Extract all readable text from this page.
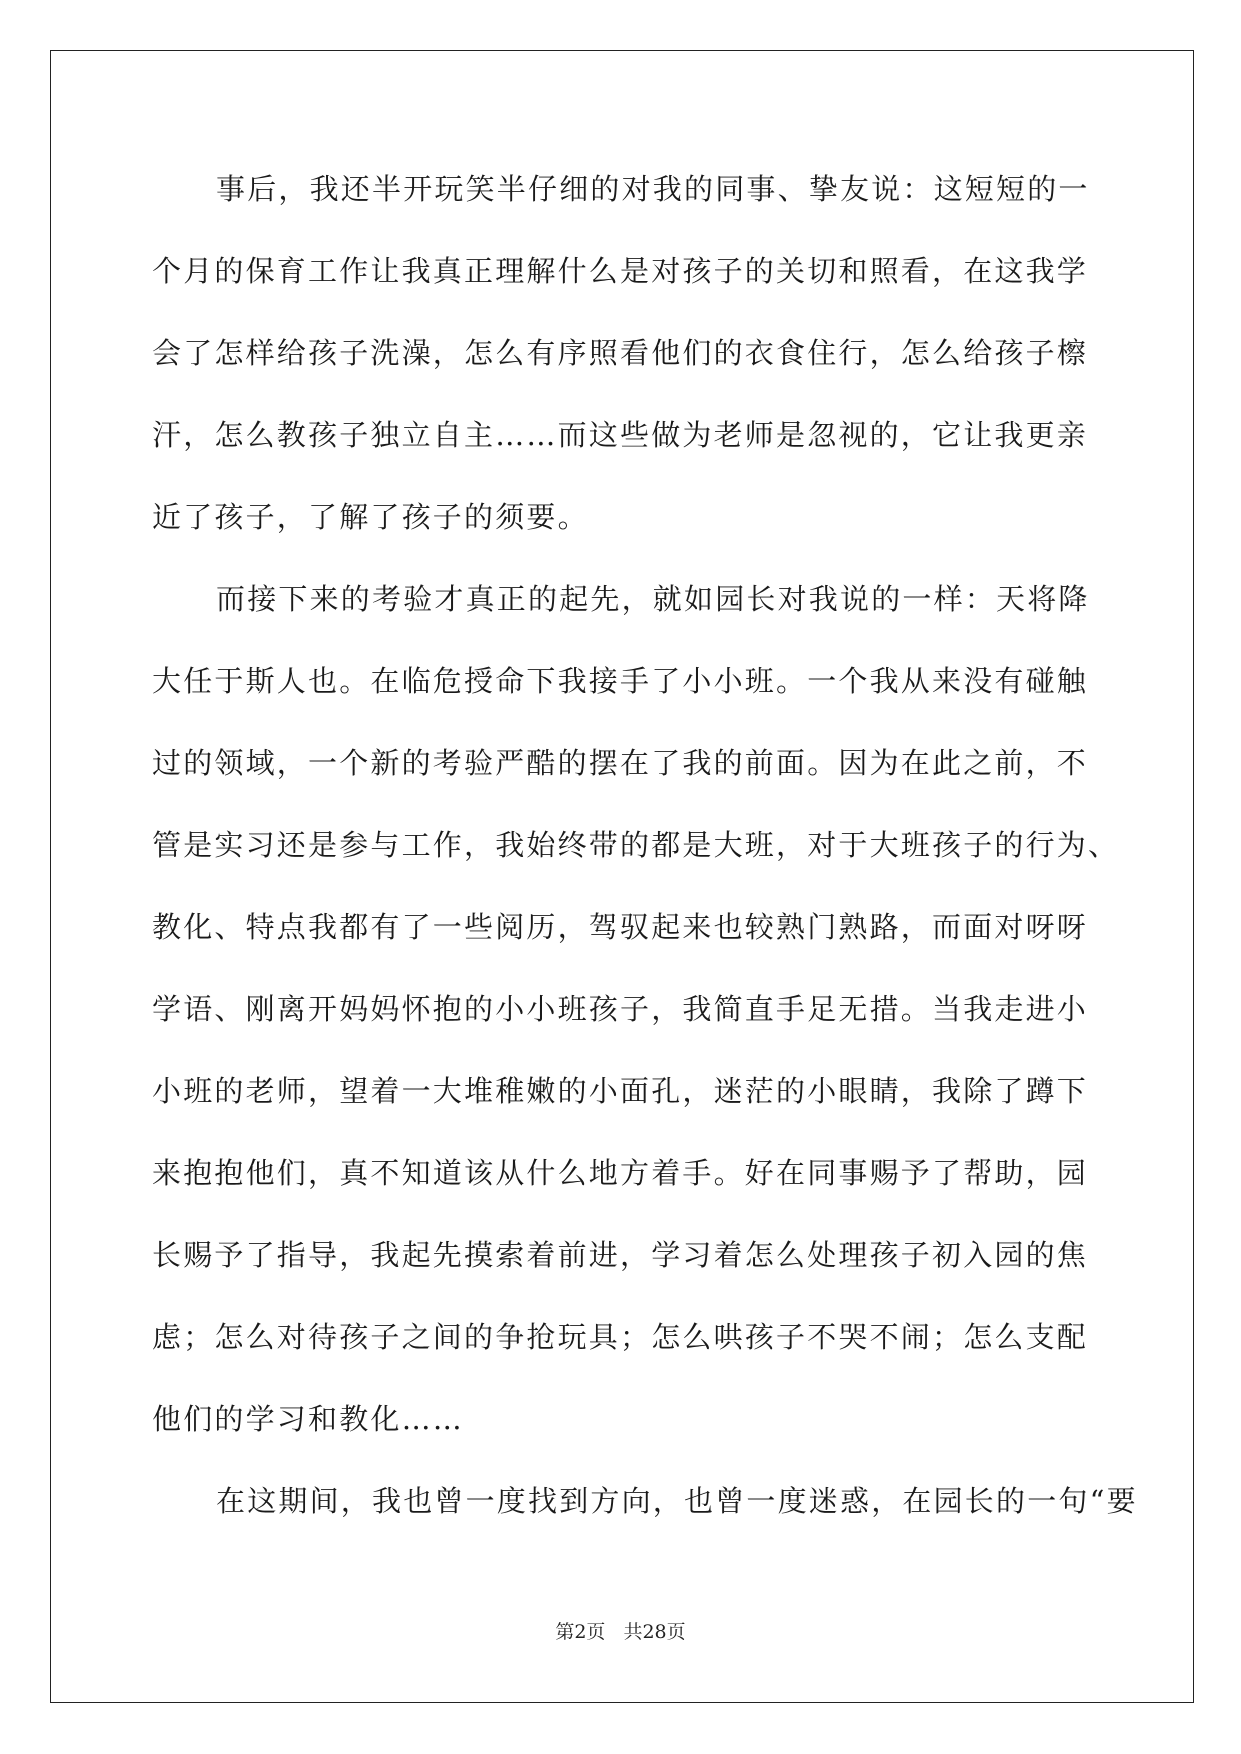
事后，我还半开玩笑半仔细的对我的同事、挚友说：这短短的一
个月的保育工作让我真正理解什么是对孩子的关切和照看，在这我学
会了怎样给孩子洗澡，怎么有序照看他们的衣食住行，怎么给孩子檫
汗，怎么教孩子独立自主……而这些做为老师是忽视的，它让我更亲
近了孩子，了解了孩子的须要。
而接下来的考验才真正的起先，就如园长对我说的一样：天将降
大任于斯人也。在临危授命下我接手了小小班。一个我从来没有碰触
过的领域，一个新的考验严酷的摆在了我的前面。因为在此之前，不
管是实习还是参与工作，我始终带的都是大班，对于大班孩子的行为、
教化、特点我都有了一些阅历，驾驭起来也较熟门熟路，而面对呀呀
学语、刚离开妈妈怀抱的小小班孩子，我简直手足无措。当我走进小
小班的老师，望着一大堆稚嫩的小面孔，迷茫的小眼睛，我除了蹲下
来抱抱他们，真不知道该从什么地方着手。好在同事赐予了帮助，园
长赐予了指导，我起先摸索着前进，学习着怎么处理孩子初入园的焦
虑；怎么对待孩子之间的争抢玩具；怎么哄孩子不哭不闹；怎么支配
他们的学习和教化……
在这期间，我也曾一度找到方向，也曾一度迷惑，在园长的一句“要
第2页 共28页
